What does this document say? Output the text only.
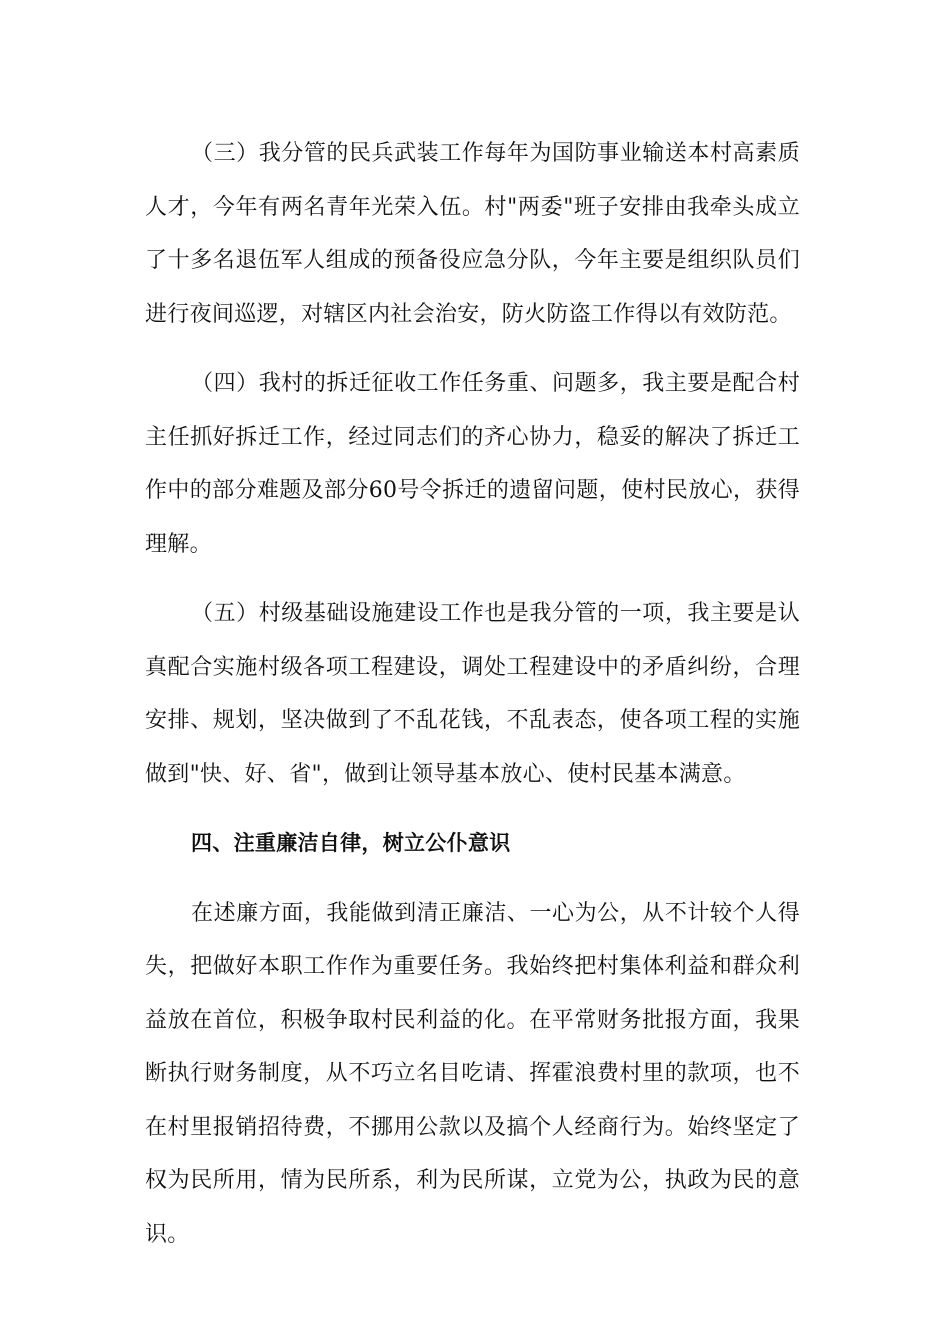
（三）我分管的民兵武装工作每年为国防事业输送本村高素质人才，今年有两名青年光荣入伍。村"两委"班子安排由我牵头成立了十多名退伍军人组成的预备役应急分队，今年主要是组织队员们进行夜间巡逻，对辖区内社会治安，防火防盗工作得以有效防范。

（四）我村的拆迁征收工作任务重、问题多，我主要是配合村主任抓好拆迁工作，经过同志们的齐心协力，稳妥的解决了拆迁工作中的部分难题及部分60号令拆迁的遗留问题，使村民放心，获得理解。

（五）村级基础设施建设工作也是我分管的一项，我主要是认真配合实施村级各项工程建设，调处工程建设中的矛盾纠纷，合理安排、规划，坚决做到了不乱花钱，不乱表态，使各项工程的实施做到"快、好、省"，做到让领导基本放心、使村民基本满意。

四、注重廉洁自律，树立公仆意识

在述廉方面，我能做到清正廉洁、一心为公，从不计较个人得失，把做好本职工作作为重要任务。我始终把村集体利益和群众利益放在首位，积极争取村民利益的化。在平常财务批报方面，我果断执行财务制度，从不巧立名目吃请、挥霍浪费村里的款项，也不在村里报销招待费，不挪用公款以及搞个人经商行为。始终坚定了权为民所用，情为民所系，利为民所谋，立党为公，执政为民的意识。
